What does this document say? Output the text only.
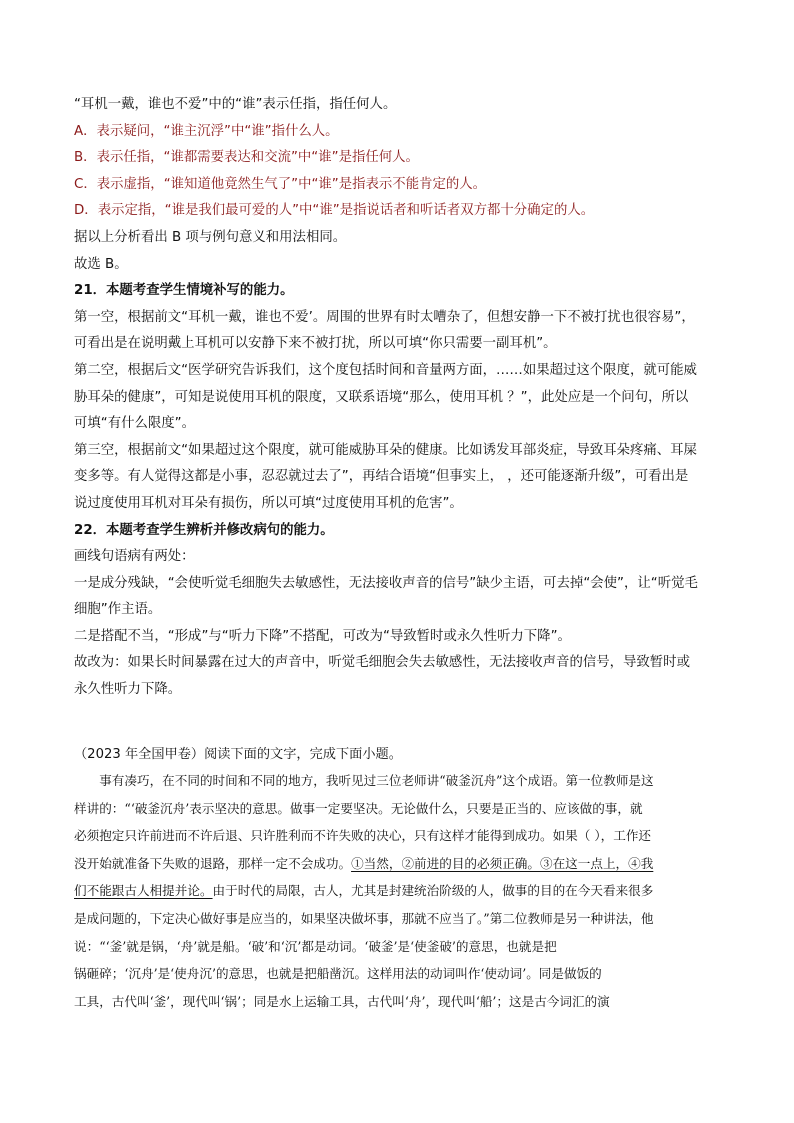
“耳机一戴，谁也不爱”中的“谁”表示任指，指任何人。

A．表示疑问，“谁主沉浮”中“谁”指什么人。

B．表示任指，“谁都需要表达和交流”中“谁”是指任何人。

C．表示虚指，“谁知道他竟然生气了”中“谁”是指表示不能肯定的人。

D．表示定指，“谁是我们最可爱的人”中“谁”是指说话者和听话者双方都十分确定的人。

据以上分析看出 B 项与例句意义和用法相同。

故选 B。

21．本题考查学生情境补写的能力。

第一空，根据前文“耳机一戴，谁也不爱’。周围的世界有时太嘈杂了，但想安静一下不被打扰也很容易”，

可看出是在说明戴上耳机可以安静下来不被打扰，所以可填“你只需要一副耳机”。

第二空，根据后文“医学研究告诉我们，这个度包括时间和音量两方面，……如果超过这个限度，就可能威

胁耳朵的健康”，可知是说使用耳机的限度，又联系语境“那么，使用耳机 ？”，此处应是一个问句，所以

可填“有什么限度”。

第三空，根据前文“如果超过这个限度，就可能威胁耳朵的健康。比如诱发耳部炎症，导致耳朵疼痛、耳屎

变多等。有人觉得这都是小事，忍忍就过去了”，再结合语境“但事实上， ，还可能逐渐升级”，可看出是

说过度使用耳机对耳朵有损伤，所以可填“过度使用耳机的危害”。

22．本题考查学生辨析并修改病句的能力。

画线句语病有两处：

一是成分残缺，“会使听觉毛细胞失去敏感性，无法接收声音的信号”缺少主语，可去掉“会使”，让“听觉毛

细胞”作主语。

二是搭配不当，“形成”与“听力下降”不搭配，可改为“导致暂时或永久性听力下降”。

故改为：如果长时间暴露在过大的声音中，听觉毛细胞会失去敏感性，无法接收声音的信号，导致暂时或

永久性听力下降。

（2023 年全国甲卷）阅读下面的文字，完成下面小题。

　　事有凑巧，在不同的时间和不同的地方，我听见过三位老师讲“破釜沉舟”这个成语。第一位教师是这

样讲的：“‘破釜沉舟’表示坚决的意思。做事一定要坚决。无论做什么，只要是正当的、应该做的事，就

必须抱定只许前进而不许后退、只许胜利而不许失败的决心，只有这样才能得到成功。如果（ ），工作还

没开始就准备下失败的退路，那样一定不会成功。①当然，②前进的目的必须正确。③在这一点上，④我

们不能跟古人相提并论。由于时代的局限，古人，尤其是封建统治阶级的人，做事的目的在今天看来很多

是成问题的，下定决心做好事是应当的，如果坚决做坏事，那就不应当了。”第二位教师是另一种讲法，他

说：“‘釜’就是锅，‘舟’就是船。‘破’和‘沉’都是动词。‘破釜’是‘使釜破’的意思，也就是把

锅砸碎；‘沉舟’是‘使舟沉’的意思，也就是把船凿沉。这样用法的动词叫作‘使动词’。同是做饭的

工具，古代叫‘釜’，现代叫‘锅’；同是水上运输工具，古代叫‘舟’，现代叫‘船’；这是古今词汇的演
